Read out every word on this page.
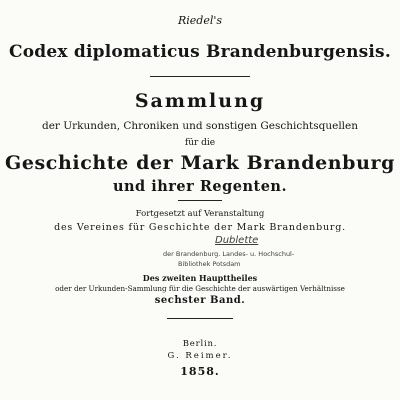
Riedel's
Codex diplomaticus Brandenburgensis.
Sammlung
der Urkunden, Chroniken und sonstigen Geschichtsquellen
für die
Geschichte der Mark Brandenburg
und ihrer Regenten.
Fortgesetzt auf Veranstaltung
des Vereines für Geschichte der Mark Brandenburg.
Dublette
der Brandenburg. Landes- u. Hochschul-
Bibliothek Potsdam
Des zweiten Haupttheiles
oder der Urkunden-Sammlung für die Geschichte der auswärtigen Verhältnisse
sechster Band.
Berlin.
G. Reimer.
1858.
